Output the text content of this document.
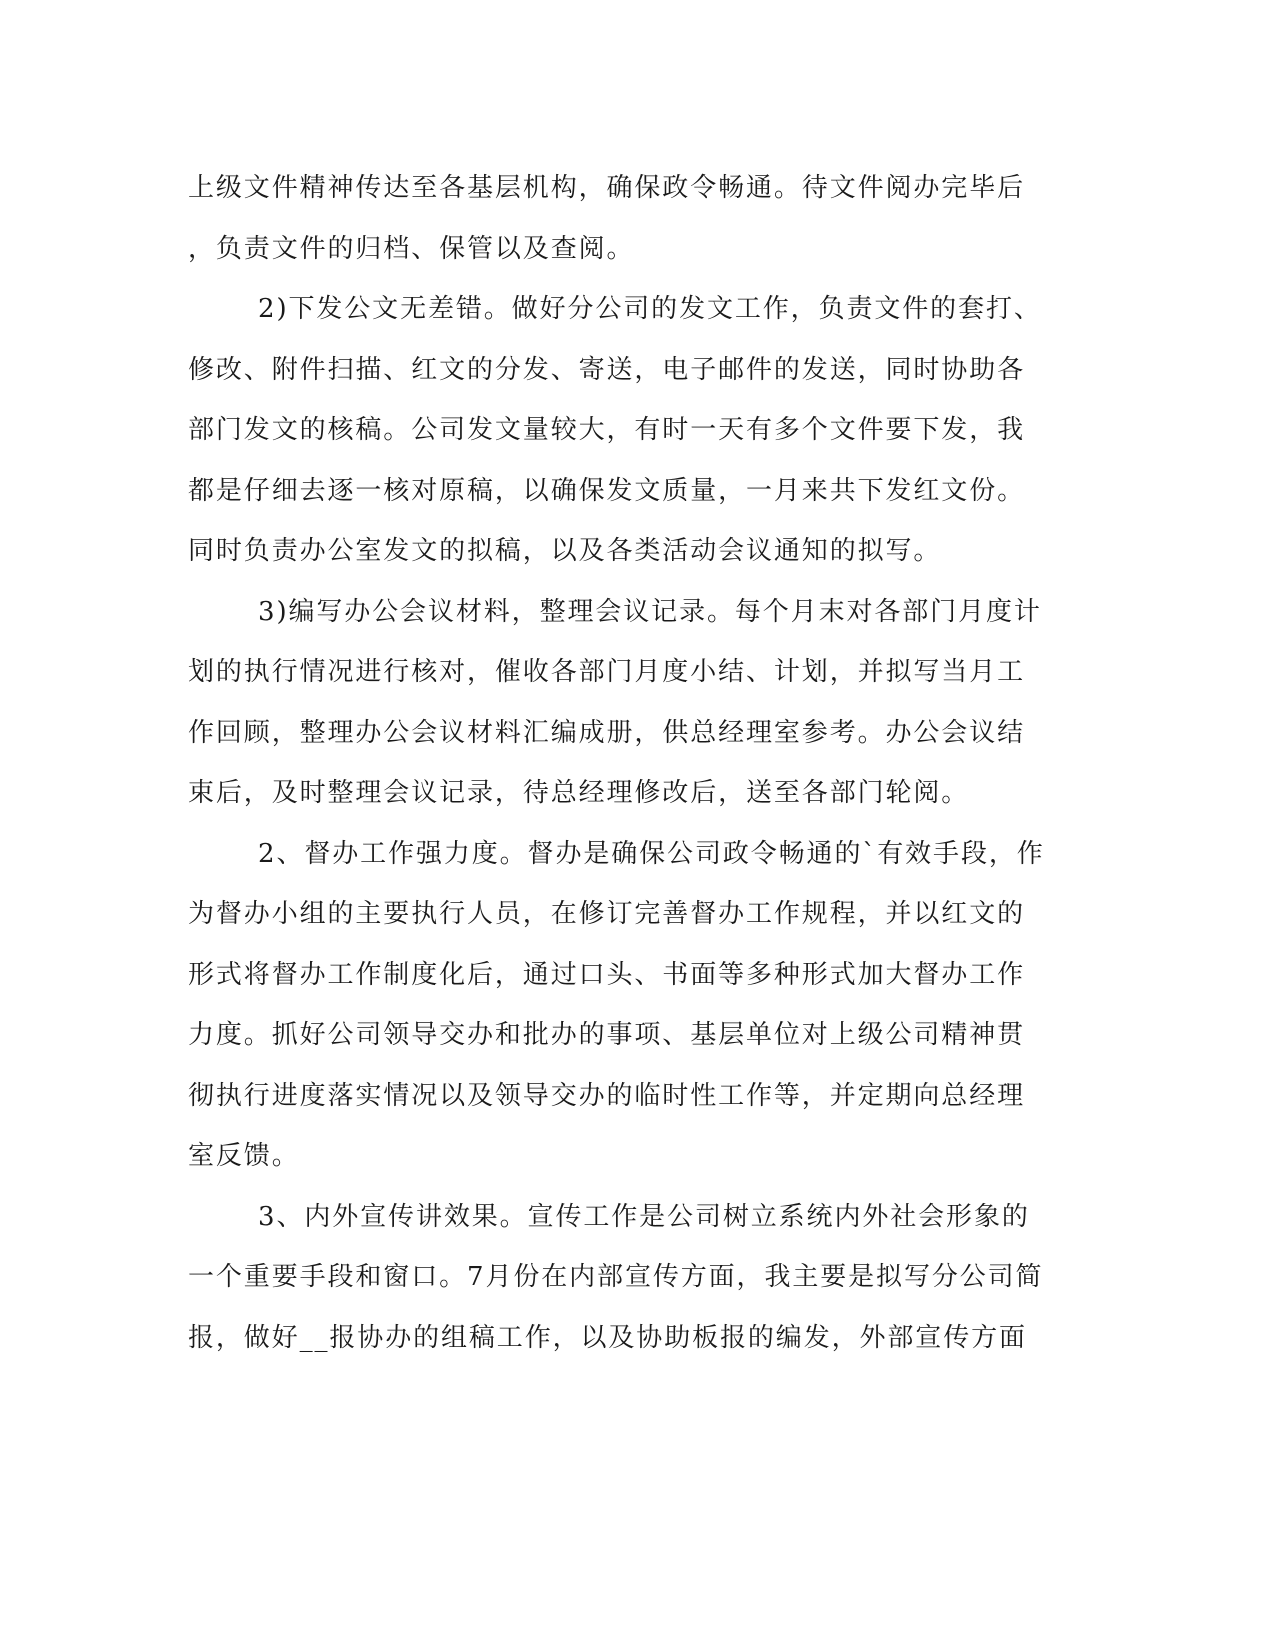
上级文件精神传达至各基层机构，确保政令畅通。待文件阅办完毕后
，负责文件的归档、保管以及查阅。
2)下发公文无差错。做好分公司的发文工作，负责文件的套打、
修改、附件扫描、红文的分发、寄送，电子邮件的发送，同时协助各
部门发文的核稿。公司发文量较大，有时一天有多个文件要下发，我
都是仔细去逐一核对原稿，以确保发文质量，一月来共下发红文份。
同时负责办公室发文的拟稿，以及各类活动会议通知的拟写。
3)编写办公会议材料，整理会议记录。每个月末对各部门月度计
划的执行情况进行核对，催收各部门月度小结、计划，并拟写当月工
作回顾，整理办公会议材料汇编成册，供总经理室参考。办公会议结
束后，及时整理会议记录，待总经理修改后，送至各部门轮阅。
2、督办工作强力度。督办是确保公司政令畅通的`有效手段，作
为督办小组的主要执行人员，在修订完善督办工作规程，并以红文的
形式将督办工作制度化后，通过口头、书面等多种形式加大督办工作
力度。抓好公司领导交办和批办的事项、基层单位对上级公司精神贯
彻执行进度落实情况以及领导交办的临时性工作等，并定期向总经理
室反馈。
3、内外宣传讲效果。宣传工作是公司树立系统内外社会形象的
一个重要手段和窗口。7月份在内部宣传方面，我主要是拟写分公司简
报，做好__报协办的组稿工作，以及协助板报的编发，外部宣传方面
